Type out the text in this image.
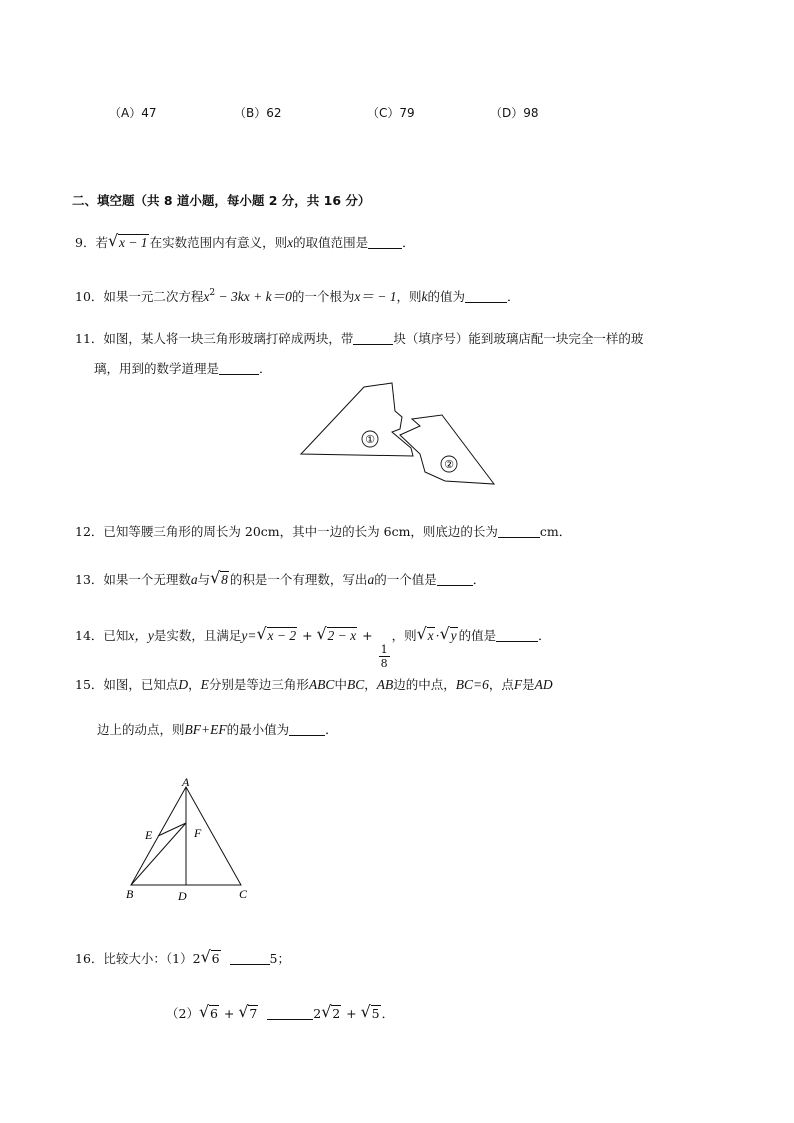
（A）47	（B）62	（C）79	（D）98
二、填空题（共 8 道小题，每小题 2 分，共 16 分）
9．若 √ x − 1 在实数范围内有意义，则x的取值范围是	．
10．如果一元二次方程$x^2 - 3kx + k=0$的一个根为x＝ − 1，则k的值为	．
11．如图，某人将一块三角形玻璃打碎成两块，带	块（填序号）能到玻璃店配一块完全一样的玻
璃，用到的数学道理是	．
①
②
12．已知等腰三角形的周长为 20cm，其中一边的长为 6cm，则底边的长为	cm．
13．如果一个无理数a与 √ 8 的积是一个有理数，写出a的一个值是	．
14．已知x，y是实数，且满足y= √ x − 2 + √ 2 − x +
$\frac{1}{8}$
，则 √ x · √ y 的值是	．
15．如图，已知点D，E分别是等边三角形ABC中BC，AB边的中点，BC=6，点F是AD
边上的动点，则BF+EF的最小值为	．
A
B	C
D
E	F
16．比较大小：（1）2 √ 6	5；
（2） √ 6 + √ 7	2 √ 2 + √ 5 ．
